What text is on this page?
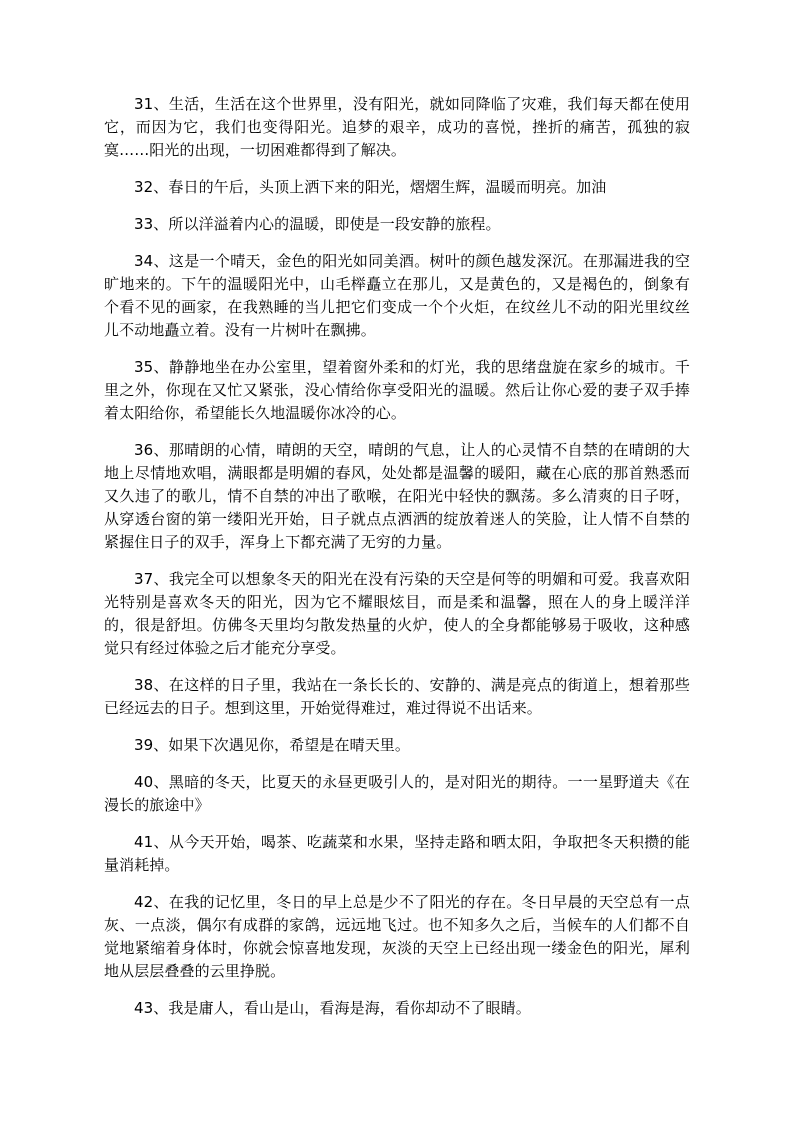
31、生活，生活在这个世界里，没有阳光，就如同降临了灾难，我们每天都在使用它，而因为它，我们也变得阳光。追梦的艰辛，成功的喜悦，挫折的痛苦，孤独的寂寞……阳光的出现，一切困难都得到了解决。

32、春日的午后，头顶上洒下来的阳光，熠熠生辉，温暖而明亮。加油

33、所以洋溢着内心的温暖，即使是一段安静的旅程。

34、这是一个晴天，金色的阳光如同美酒。树叶的颜色越发深沉。在那漏进我的空旷地来的。下午的温暖阳光中，山毛榉矗立在那儿，又是黄色的，又是褐色的，倒象有个看不见的画家，在我熟睡的当儿把它们变成一个个火炬，在纹丝儿不动的阳光里纹丝儿不动地矗立着。没有一片树叶在飘拂。

35、静静地坐在办公室里，望着窗外柔和的灯光，我的思绪盘旋在家乡的城市。千里之外，你现在又忙又紧张，没心情给你享受阳光的温暖。然后让你心爱的妻子双手捧着太阳给你，希望能长久地温暖你冰冷的心。

36、那晴朗的心情，晴朗的天空，晴朗的气息，让人的心灵情不自禁的在晴朗的大地上尽情地欢唱，满眼都是明媚的春风，处处都是温馨的暖阳，藏在心底的那首熟悉而又久违了的歌儿，情不自禁的冲出了歌喉，在阳光中轻快的飘荡。多么清爽的日子呀，从穿透台窗的第一缕阳光开始，日子就点点洒洒的绽放着迷人的笑脸，让人情不自禁的紧握住日子的双手，浑身上下都充满了无穷的力量。

37、我完全可以想象冬天的阳光在没有污染的天空是何等的明媚和可爱。我喜欢阳光特别是喜欢冬天的阳光，因为它不耀眼炫目，而是柔和温馨，照在人的身上暖洋洋的，很是舒坦。仿佛冬天里均匀散发热量的火炉，使人的全身都能够易于吸收，这种感觉只有经过体验之后才能充分享受。

38、在这样的日子里，我站在一条长长的、安静的、满是亮点的街道上，想着那些已经远去的日子。想到这里，开始觉得难过，难过得说不出话来。

39、如果下次遇见你，希望是在晴天里。

40、黑暗的冬天，比夏天的永昼更吸引人的，是对阳光的期待。一一星野道夫《在漫长的旅途中》

41、从今天开始，喝茶、吃蔬菜和水果，坚持走路和晒太阳，争取把冬天积攒的能量消耗掉。

42、在我的记忆里，冬日的早上总是少不了阳光的存在。冬日早晨的天空总有一点灰、一点淡，偶尔有成群的家鸽，远远地飞过。也不知多久之后，当候车的人们都不自觉地紧缩着身体时，你就会惊喜地发现，灰淡的天空上已经出现一缕金色的阳光，犀利地从层层叠叠的云里挣脱。

43、我是庸人，看山是山，看海是海，看你却动不了眼睛。
